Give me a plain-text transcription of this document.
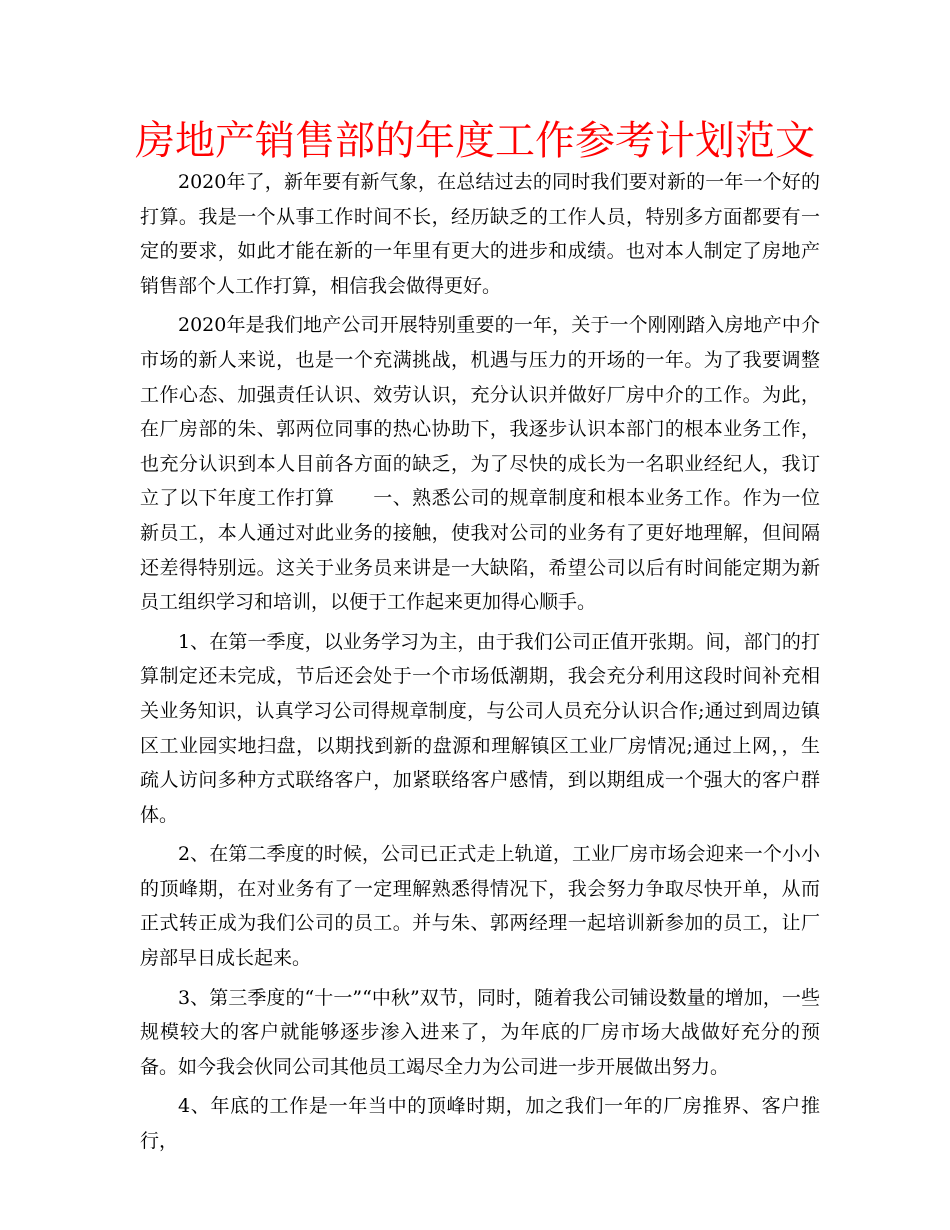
房地产销售部的年度工作参考计划范文

2020年了，新年要有新气象，在总结过去的同时我们要对新的一年一个好的打算。我是一个从事工作时间不长，经历缺乏的工作人员，特别多方面都要有一定的要求，如此才能在新的一年里有更大的进步和成绩。也对本人制定了房地产销售部个人工作打算，相信我会做得更好。

2020年是我们地产公司开展特别重要的一年，关于一个刚刚踏入房地产中介市场的新人来说，也是一个充满挑战，机遇与压力的开场的一年。为了我要调整工作心态、加强责任认识、效劳认识，充分认识并做好厂房中介的工作。为此，在厂房部的朱、郭两位同事的热心协助下，我逐步认识本部门的根本业务工作，也充分认识到本人目前各方面的缺乏，为了尽快的成长为一名职业经纪人，我订立了以下年度工作打算　　一、熟悉公司的规章制度和根本业务工作。作为一位新员工，本人通过对此业务的接触，使我对公司的业务有了更好地理解，但间隔还差得特别远。这关于业务员来讲是一大缺陷，希望公司以后有时间能定期为新员工组织学习和培训，以便于工作起来更加得心顺手。

1、在第一季度，以业务学习为主，由于我们公司正值开张期。间，部门的打算制定还未完成，节后还会处于一个市场低潮期，我会充分利用这段时间补充相关业务知识，认真学习公司得规章制度，与公司人员充分认识合作;通过到周边镇区工业园实地扫盘，以期找到新的盘源和理解镇区工业厂房情况;通过上网，，生疏人访问多种方式联络客户，加紧联络客户感情，到以期组成一个强大的客户群体。

2、在第二季度的时候，公司已正式走上轨道，工业厂房市场会迎来一个小小的顶峰期，在对业务有了一定理解熟悉得情况下，我会努力争取尽快开单，从而正式转正成为我们公司的员工。并与朱、郭两经理一起培训新参加的员工，让厂房部早日成长起来。

3、第三季度的“十一”“中秋”双节，同时，随着我公司铺设数量的增加，一些规模较大的客户就能够逐步渗入进来了，为年底的厂房市场大战做好充分的预备。如今我会伙同公司其他员工竭尽全力为公司进一步开展做出努力。

4、年底的工作是一年当中的顶峰时期，加之我们一年的厂房推界、客户推行，
